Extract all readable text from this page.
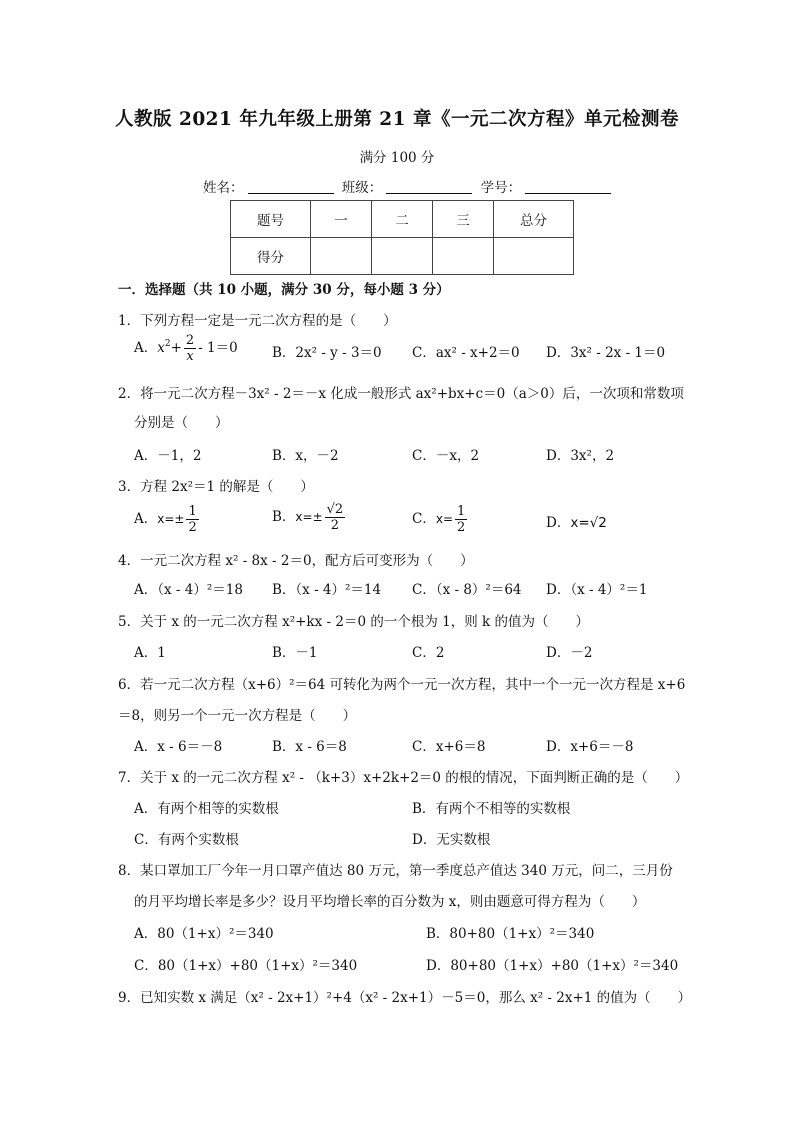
人教版 2021 年九年级上册第 21 章《一元二次方程》单元检测卷
满分 100 分
姓名：	班级：	学号：
题号	一	二	三	总分
得分				
一．选择题（共 10 小题，满分 30 分，每小题 3 分）
1．下列方程一定是一元二次方程的是（　　）
A．$x^2+ \frac{2}{x} - 1=0$	B．2x² - y - 3＝0 C．ax² - x+2＝0 D．3x² - 2x - 1＝0
2．将一元二次方程－3x² - 2＝－x 化成一般形式 ax²+bx+c＝0（a＞0）后，一次项和常数项
分别是（　　）
A．－1，2	B．x，－2	C．－x，2	D．3x²，2
3．方程 2x²＝1 的解是（　　）
A．$x=\pm \frac{1}{2}$	B．$x=\pm \frac{√2}{2}$	C．$x= \frac{1}{2}$	D．x=√2
4．一元二次方程 x² - 8x - 2＝0，配方后可变形为（　　）
A．（x - 4）²＝18 B．（x - 4）²＝14 C．（x - 8）²＝64 D．（x - 4）²＝1
5．关于 x 的一元二次方程 x²+kx - 2＝0 的一个根为 1，则 k 的值为（　　）
A．1	B．－1	C．2	D．－2
6．若一元二次方程（x+6）²＝64 可转化为两个一元一次方程，其中一个一元一次方程是 x+6
＝8，则另一个一元一次方程是（　　）
A．x - 6＝－8	B．x - 6＝8	C．x+6＝8	D．x+6＝－8
7．关于 x 的一元二次方程 x² - （k+3）x+2k+2＝0 的根的情况，下面判断正确的是（　　）
A．有两个相等的实数根	B．有两个不相等的实数根
C．有两个实数根	D．无实数根
8．某口罩加工厂今年一月口罩产值达 80 万元，第一季度总产值达 340 万元，问二，三月份
的月平均增长率是多少？设月平均增长率的百分数为 x，则由题意可得方程为（　　）
A．80（1+x）²＝340	B．80+80（1+x）²＝340
C．80（1+x）+80（1+x）²＝340	D．80+80（1+x）+80（1+x）²＝340
9．已知实数 x 满足（x² - 2x+1）²+4（x² - 2x+1）－5＝0，那么 x² - 2x+1 的值为（　　）
